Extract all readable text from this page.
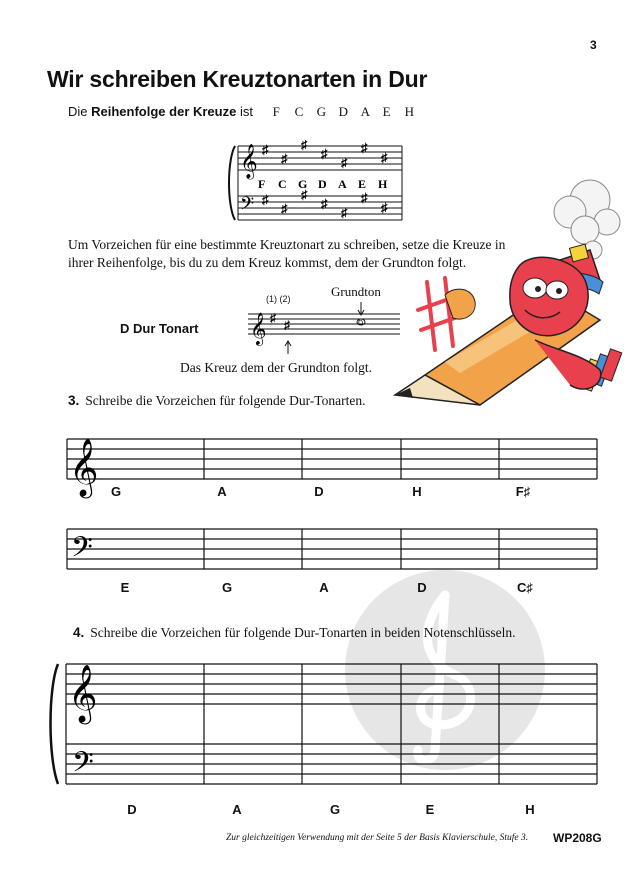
3
Wir schreiben Kreuztonarten in Dur
Die Reihenfolge der Kreuze ist F C G D A E H
𝄞
𝄢
♯
♯
♯
♯
♯
♯
♯
♯
♯
♯
♯
♯
♯
♯
F C G D A E H
Um Vorzeichen für eine bestimmte Kreuztonart zu schreiben, setze die Kreuze in
ihrer Reihenfolge, bis du zu dem Kreuz kommst, dem der Grundton folgt.
D Dur Tonart
Grundton
(1) (2)
𝄞 ♯ ♯	D
Das Kreuz dem der Grundton folgt.
3. Schreibe die Vorzeichen für folgende Dur-Tonarten.
𝄞
𝄢
G	A	D	H	F♯
E	G	A	D	C♯
4. Schreibe die Vorzeichen für folgende Dur-Tonarten in beiden Notenschlüsseln.
𝄞
𝄢
D	A	G	E	H
Zur gleichzeitigen Verwendung mit der Seite 5 der Basis Klavierschule, Stufe 3. WP208G
